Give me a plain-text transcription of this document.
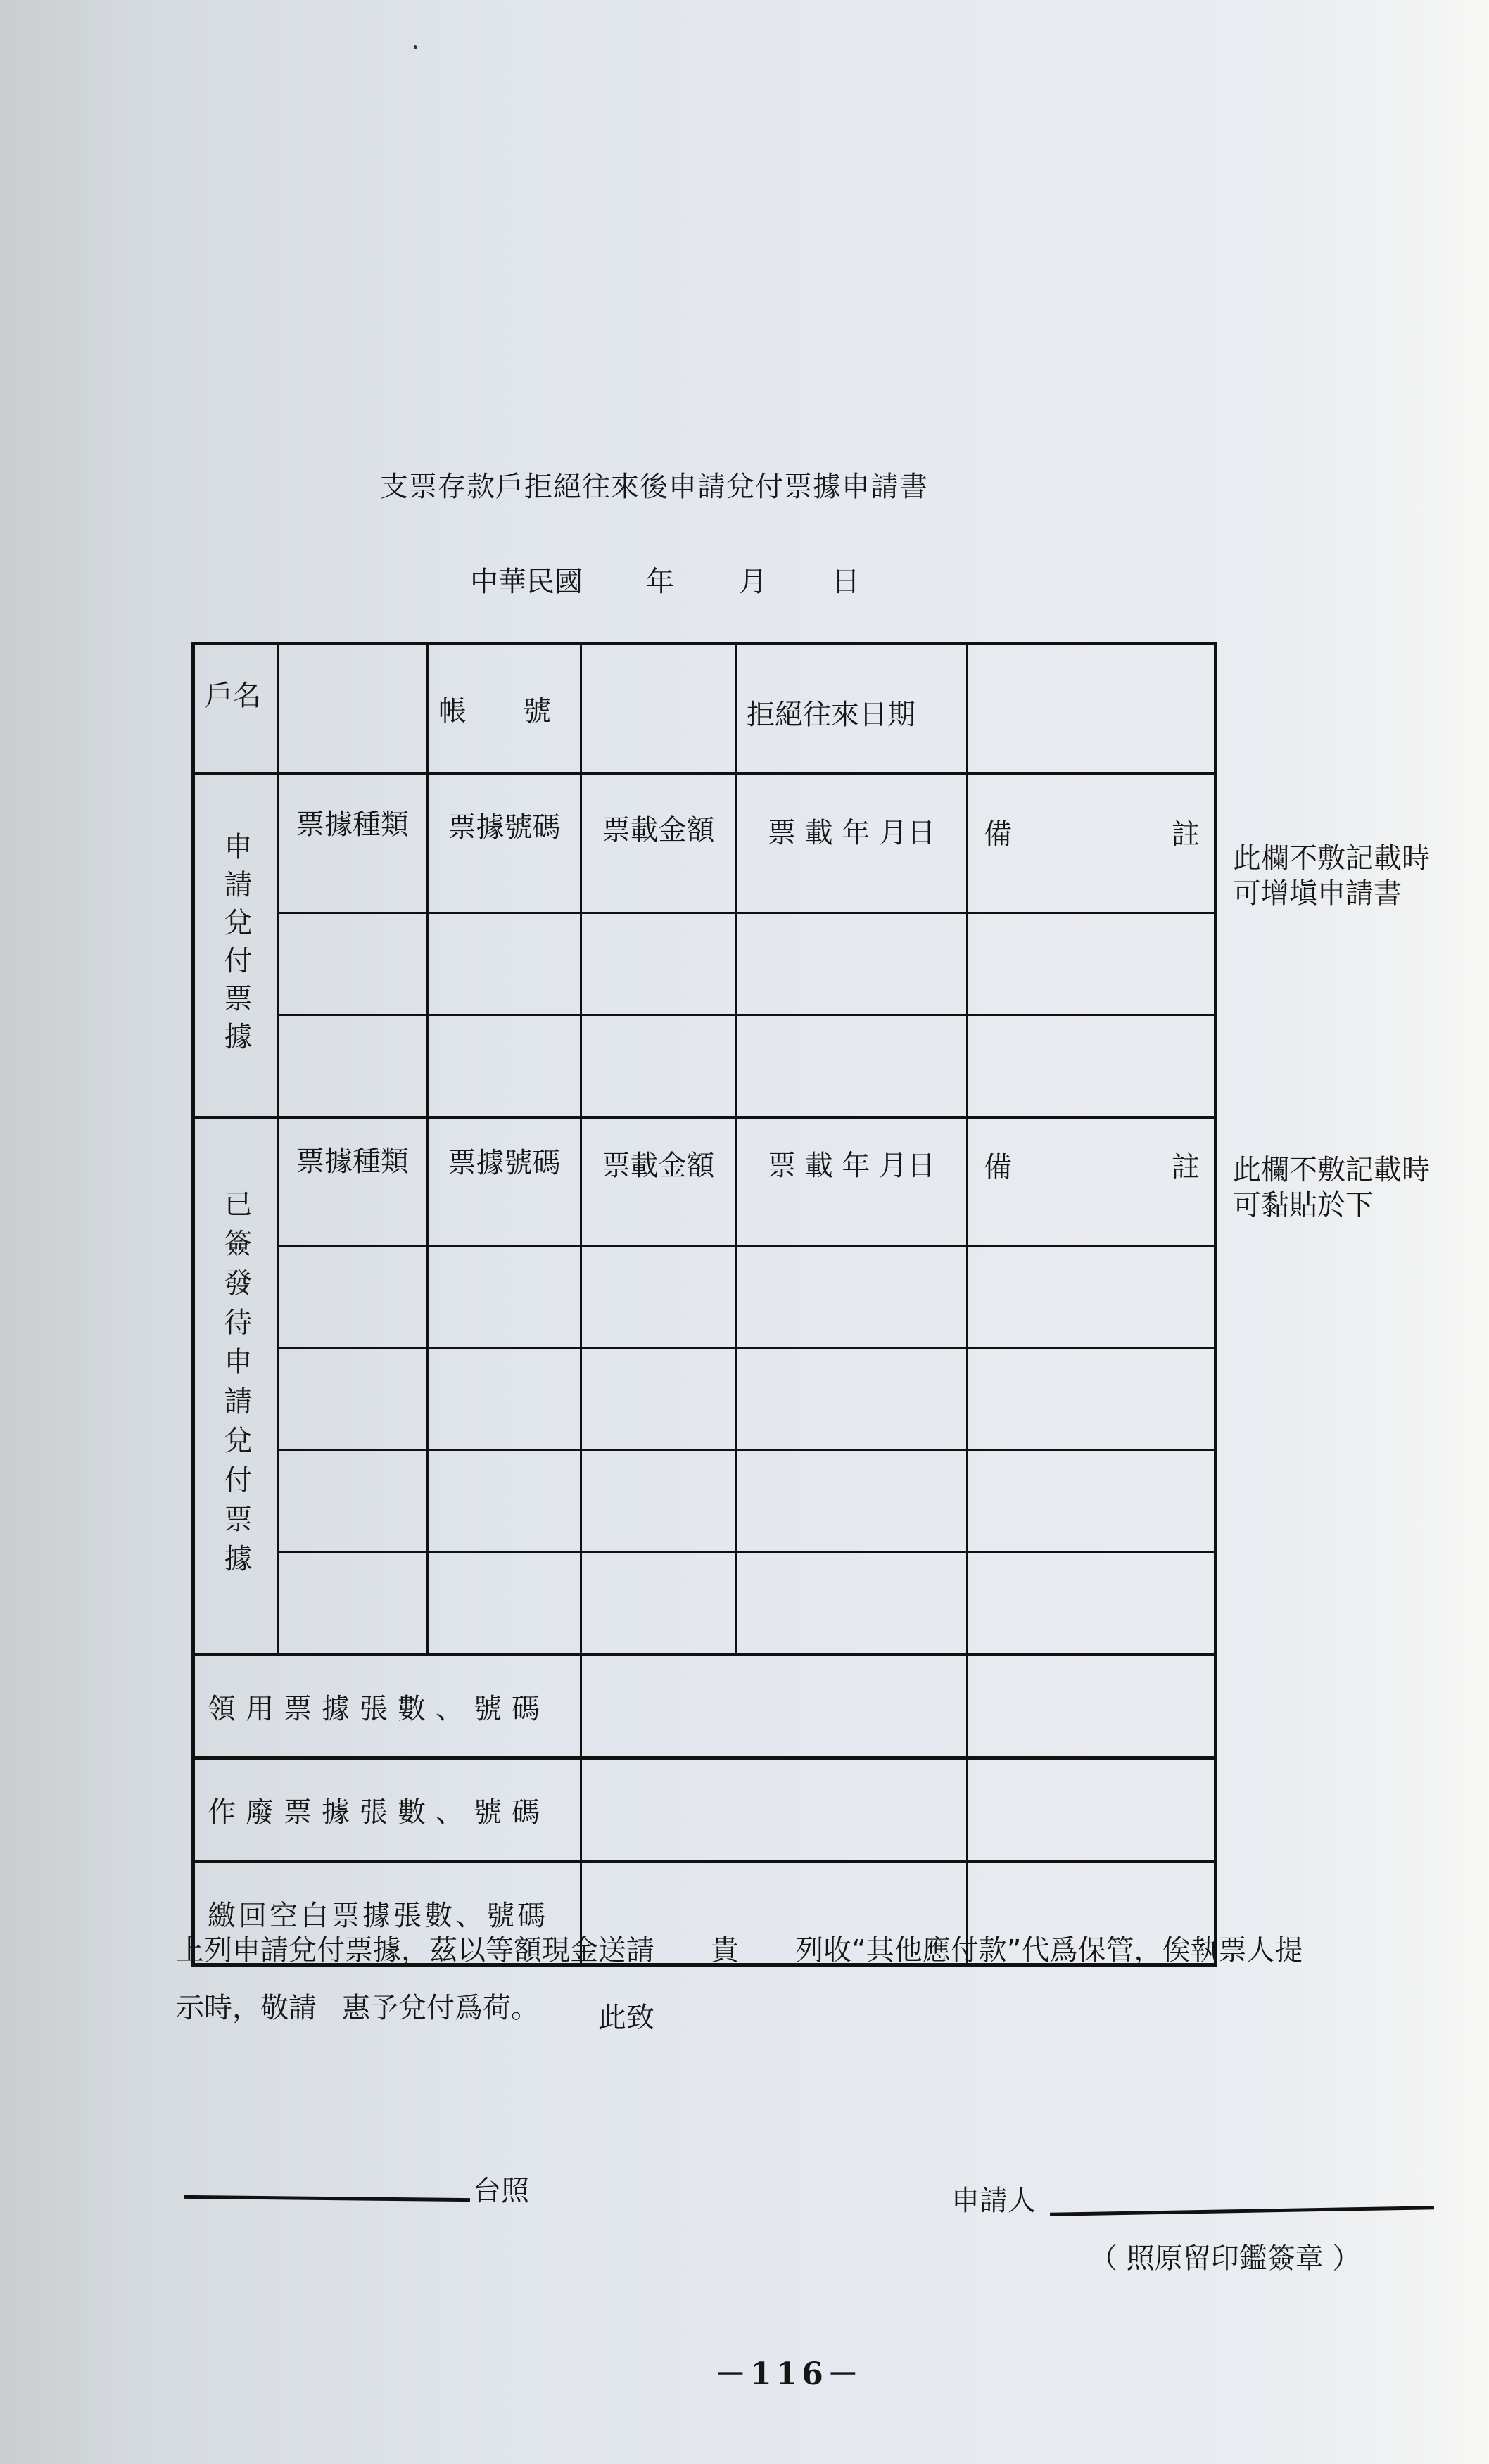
支票存款戶拒絕往來後申請兌付票據申請書
中華民國 年 月 日
戶名		帳　　號		拒絕往來日期	

申請兌付票據	票據種類	票據號碼	票載金額	票 載 年 月日	備 註

已簽發待申請兌付票據	票據種類	票據號碼	票載金額	票 載 年 月日	備 註

領用票據張數、號碼					
作廢票據張數、號碼					
繳回空白票據張數、號碼					
此欄不敷記載時
可增塡申請書
此欄不敷記載時
可黏貼於下
上列申請兌付票據，茲以等額現金送請 貴 列收“其他應付款”代爲保管，俟執票人提
示時，敬請 惠予兌付爲荷。 此致
台照	申請人
（ 照原留印鑑簽章 ）
－116－
